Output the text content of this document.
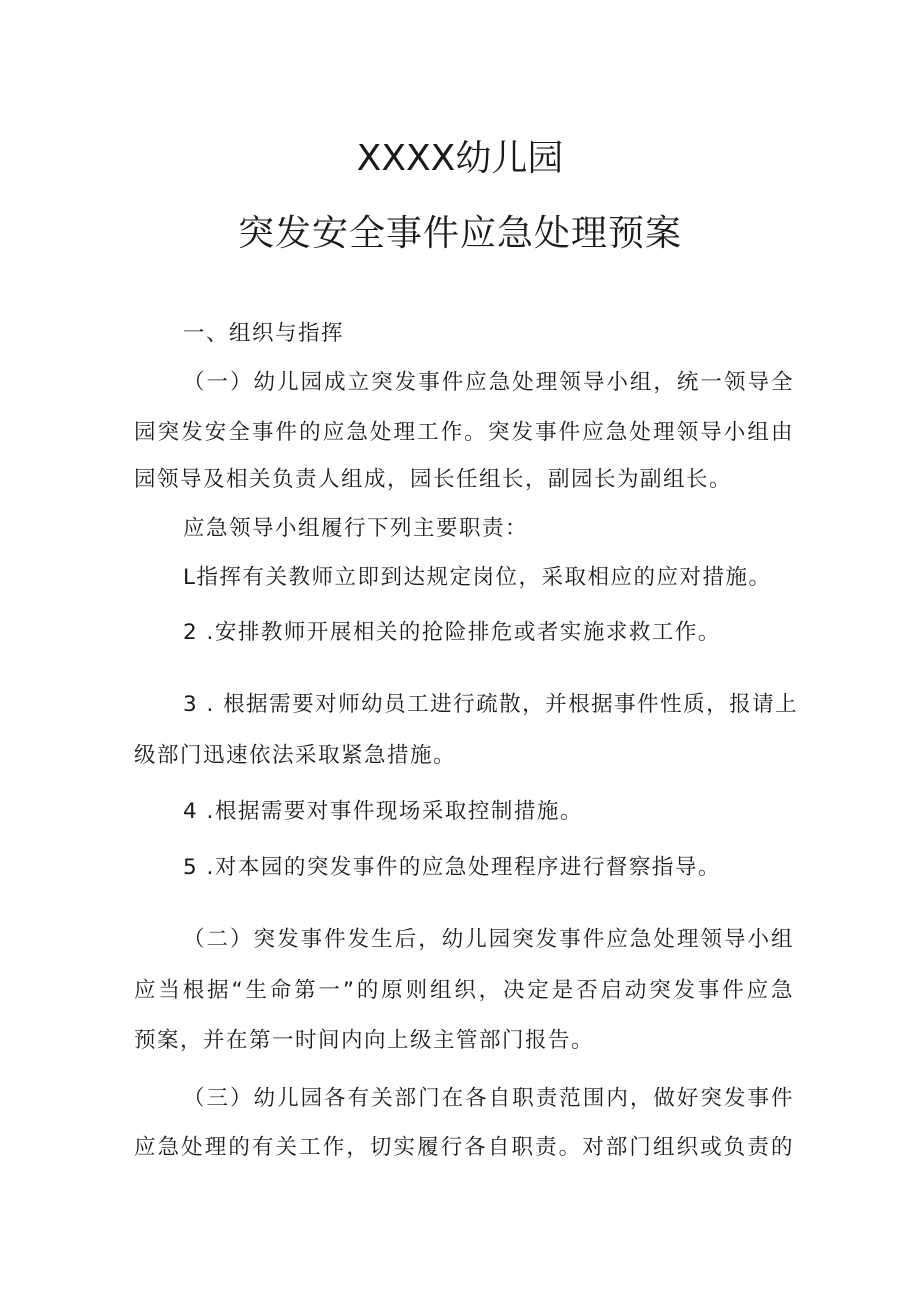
XXXX幼儿园
突发安全事件应急处理预案
一、组织与指挥
（一）幼儿园成立突发事件应急处理领导小组，统一领导全
园突发安全事件的应急处理工作。突发事件应急处理领导小组由
园领导及相关负责人组成，园长任组长，副园长为副组长。
应急领导小组履行下列主要职责：
L指挥有关教师立即到达规定岗位，采取相应的应对措施。
2 .安排教师开展相关的抢险排危或者实施求救工作。
3 . 根据需要对师幼员工进行疏散，并根据事件性质，报请上
级部门迅速依法采取紧急措施。
4 .根据需要对事件现场采取控制措施。
5 .对本园的突发事件的应急处理程序进行督察指导。
（二）突发事件发生后，幼儿园突发事件应急处理领导小组
应当根据“生命第一”的原则组织，决定是否启动突发事件应急
预案，并在第一时间内向上级主管部门报告。
（三）幼儿园各有关部门在各自职责范围内，做好突发事件
应急处理的有关工作，切实履行各自职责。对部门组织或负责的
